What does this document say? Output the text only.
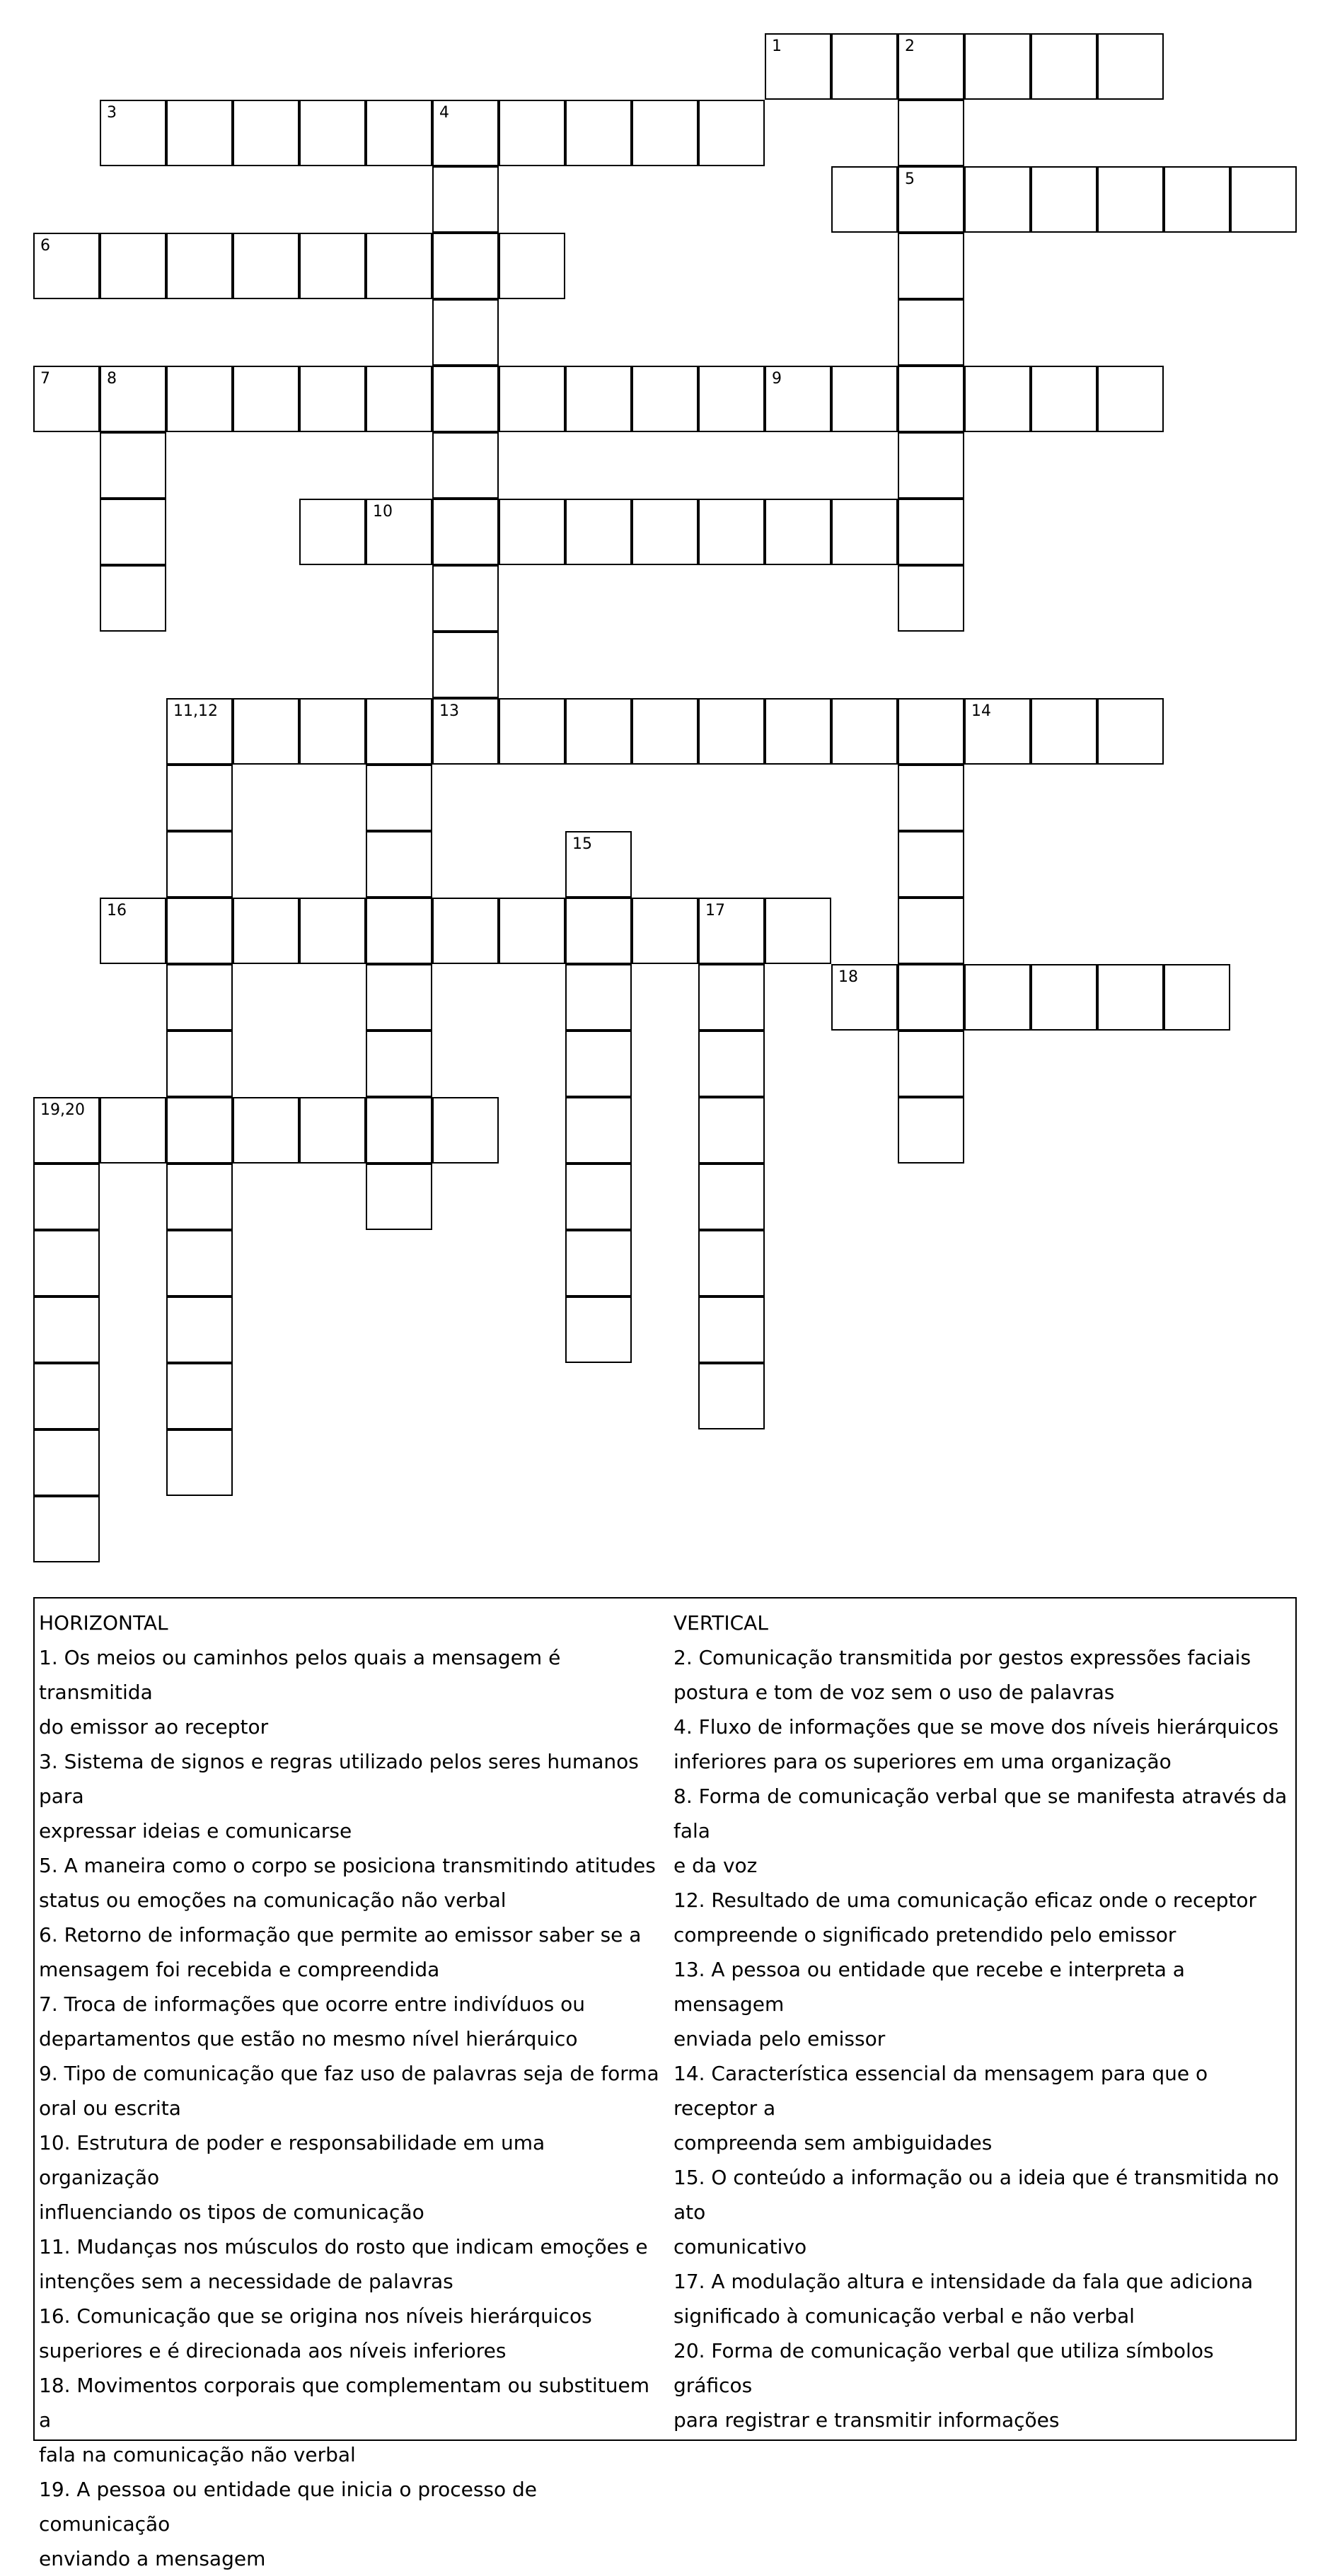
1	2
3	4
5
6
7	8	9
10
11,12	13	14
16	17
18
19,20
15
HORIZONTAL
1. Os meios ou caminhos pelos quais a mensagem é transmitida
do emissor ao receptor
3. Sistema de signos e regras utilizado pelos seres humanos para
expressar ideias e comunicarse
5. A maneira como o corpo se posiciona transmitindo atitudes
status ou emoções na comunicação não verbal
6. Retorno de informação que permite ao emissor saber se a
mensagem foi recebida e compreendida
7. Troca de informações que ocorre entre indivíduos ou
departamentos que estão no mesmo nível hierárquico
9. Tipo de comunicação que faz uso de palavras seja de forma
oral ou escrita
10. Estrutura de poder e responsabilidade em uma organização
influenciando os tipos de comunicação
11. Mudanças nos músculos do rosto que indicam emoções e
intenções sem a necessidade de palavras
16. Comunicação que se origina nos níveis hierárquicos
superiores e é direcionada aos níveis inferiores
18. Movimentos corporais que complementam ou substituem a
fala na comunicação não verbal
19. A pessoa ou entidade que inicia o processo de comunicação
enviando a mensagem
VERTICAL
2. Comunicação transmitida por gestos expressões faciais
postura e tom de voz sem o uso de palavras
4. Fluxo de informações que se move dos níveis hierárquicos
inferiores para os superiores em uma organização
8. Forma de comunicação verbal que se manifesta através da fala
e da voz
12. Resultado de uma comunicação eficaz onde o receptor
compreende o significado pretendido pelo emissor
13. A pessoa ou entidade que recebe e interpreta a mensagem
enviada pelo emissor
14. Característica essencial da mensagem para que o receptor a
compreenda sem ambiguidades
15. O conteúdo a informação ou a ideia que é transmitida no ato
comunicativo
17. A modulação altura e intensidade da fala que adiciona
significado à comunicação verbal e não verbal
20. Forma de comunicação verbal que utiliza símbolos gráficos
para registrar e transmitir informações
